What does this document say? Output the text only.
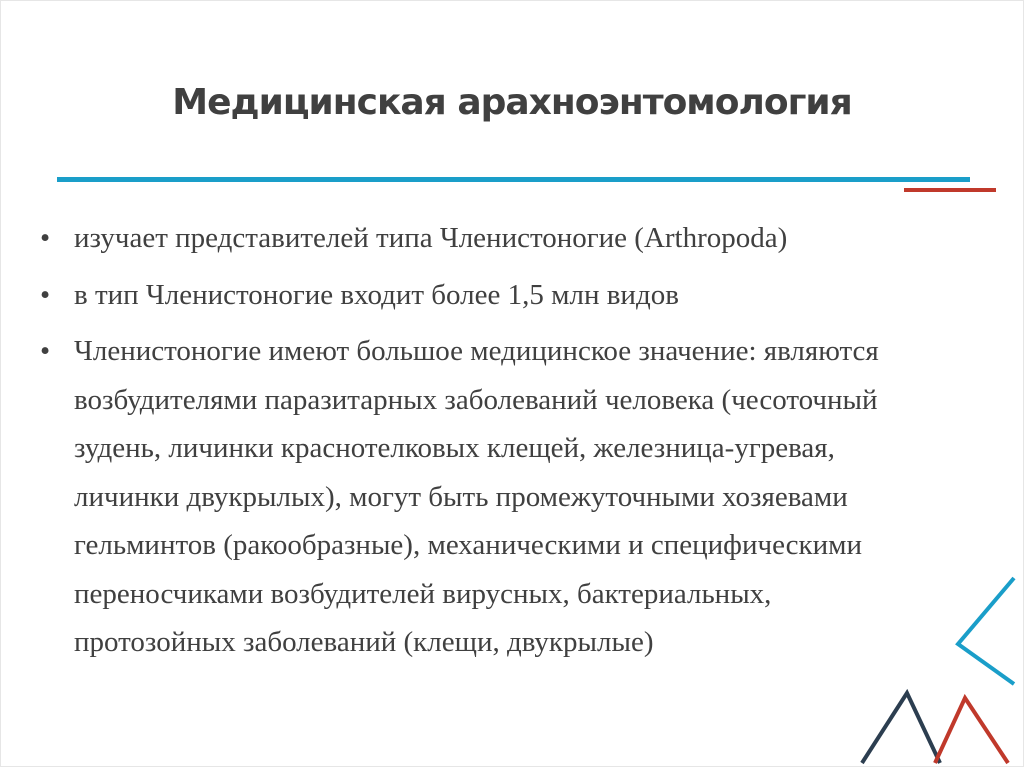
Медицинская арахноэнтомология
• изучает представителей типа Членистоногие (Arthropoda)
• в тип Членистоногие входит более 1,5 млн видов
• Членистоногие имеют большое медицинское значение: являются возбудителями паразитарных заболеваний человека (чесоточный зудень, личинки краснотелковых клещей, железница-угревая, личинки двукрылых), могут быть промежуточными хозяевами гельминтов (ракообразные), механическими и специфическими переносчиками возбудителей вирусных, бактериальных, протозойных заболеваний (клещи, двукрылые)
